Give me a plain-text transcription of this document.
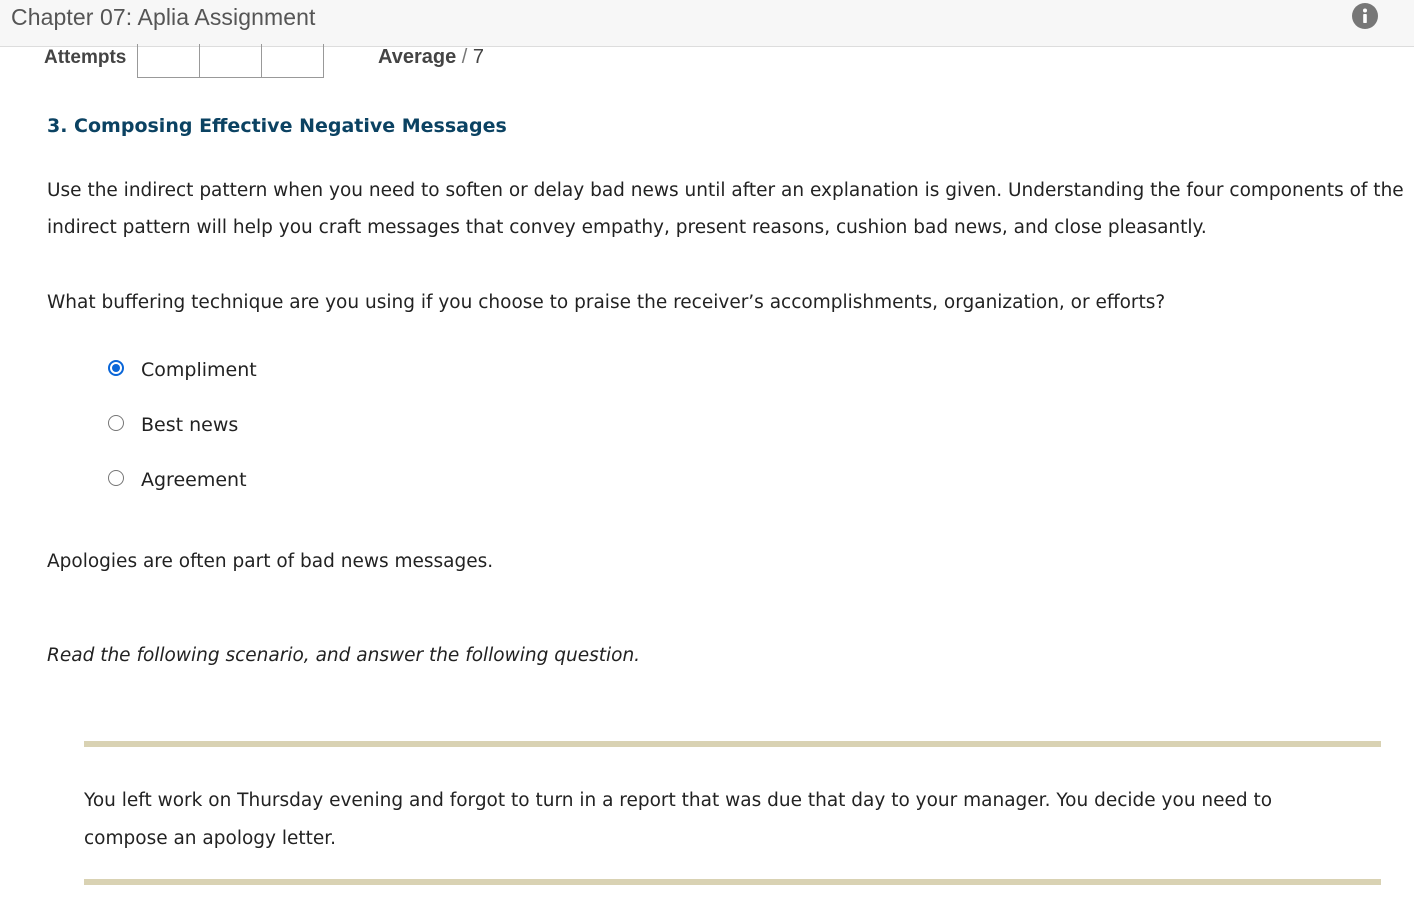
Chapter 07: Aplia Assignment
Attempts	Average / 7
3. Composing Effective Negative Messages
Use the indirect pattern when you need to soften or delay bad news until after an explanation is given. Understanding the four components of the
indirect pattern will help you craft messages that convey empathy, present reasons, cushion bad news, and close pleasantly.
What buffering technique are you using if you choose to praise the receiver’s accomplishments, organization, or efforts?
Compliment
Best news
Agreement
Apologies are often part of bad news messages.
Read the following scenario, and answer the following question.
You left work on Thursday evening and forgot to turn in a report that was due that day to your manager. You decide you need to compose an apology letter.
